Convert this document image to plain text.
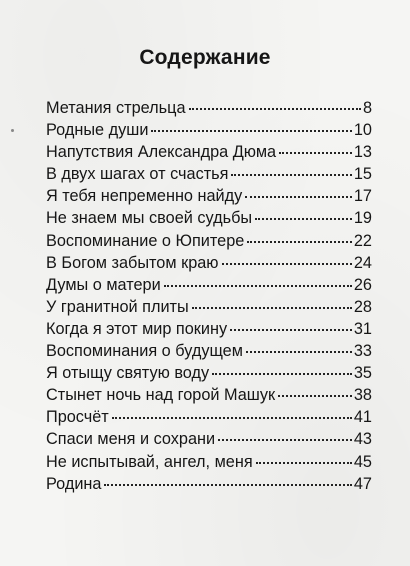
Содержание
Метания стрельца	8
Родные души	10
Напутствия Александра Дюма	13
В двух шагах от счастья	15
Я тебя непременно найду	17
Не знаем мы своей судьбы	19
Воспоминание о Юпитере	22
В Богом забытом краю	24
Думы о матери	26
У гранитной плиты	28
Когда я этот мир покину	31
Воспоминания о будущем	33
Я отыщу святую воду	35
Стынет ночь над горой Машук	38
Просчёт	41
Спаси меня и сохрани	43
Не испытывай, ангел, меня	45
Родина	47
